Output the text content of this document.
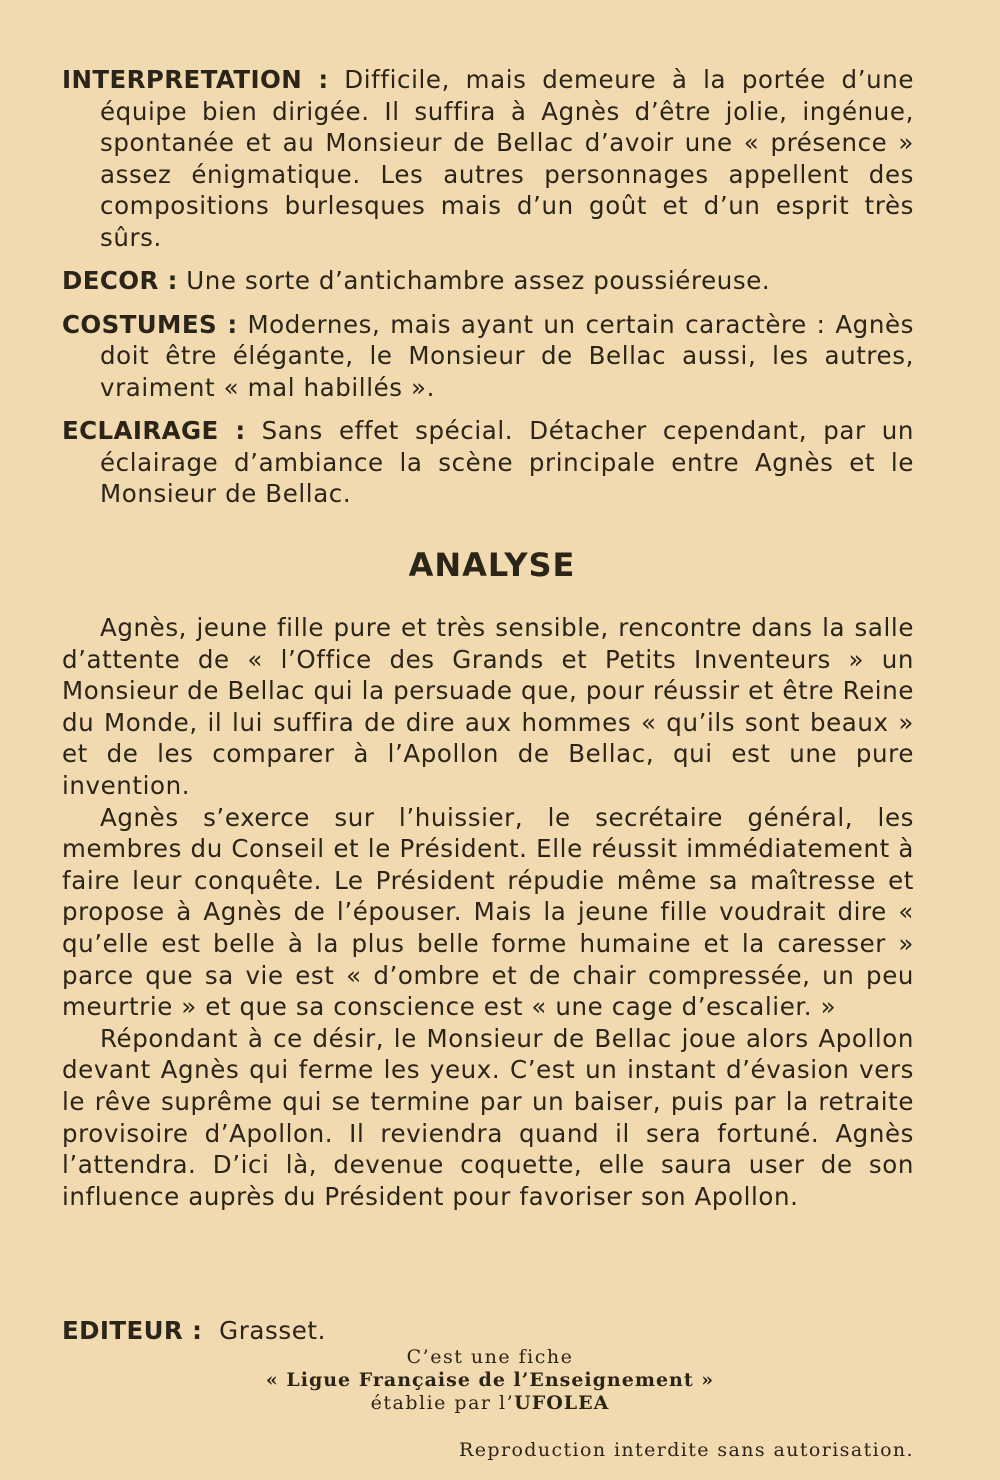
INTERPRETATION : Difficile, mais demeure à la portée d’une équipe bien dirigée. Il suffira à Agnès d’être jolie, ingénue, spontanée et au Monsieur de Bellac d’avoir une « présence » assez énigmatique. Les autres personnages appellent des compositions burlesques mais d’un goût et d’un esprit très sûrs.

DECOR : Une sorte d’antichambre assez poussiéreuse.

COSTUMES : Modernes, mais ayant un certain caractère : Agnès doit être élégante, le Monsieur de Bellac aussi, les autres, vraiment « mal habillés ».

ECLAIRAGE : Sans effet spécial. Détacher cependant, par un éclairage d’ambiance la scène principale entre Agnès et le Monsieur de Bellac.

ANALYSE

Agnès, jeune fille pure et très sensible, rencontre dans la salle d’attente de « l’Office des Grands et Petits Inventeurs » un Monsieur de Bellac qui la persuade que, pour réussir et être Reine du Monde, il lui suffira de dire aux hommes « qu’ils sont beaux » et de les comparer à l’Apollon de Bellac, qui est une pure invention.

Agnès s’exerce sur l’huissier, le secrétaire général, les membres du Conseil et le Président. Elle réussit immédiatement à faire leur conquête. Le Président répudie même sa maîtresse et propose à Agnès de l’épouser. Mais la jeune fille voudrait dire « qu’elle est belle à la plus belle forme humaine et la caresser » parce que sa vie est « d’ombre et de chair compressée, un peu meurtrie » et que sa conscience est « une cage d’escalier. »

Répondant à ce désir, le Monsieur de Bellac joue alors Apollon devant Agnès qui ferme les yeux. C’est un instant d’évasion vers le rêve suprême qui se termine par un baiser, puis par la retraite provisoire d’Apollon. Il reviendra quand il sera fortuné. Agnès l’attendra. D’ici là, devenue coquette, elle saura user de son influence auprès du Président pour favoriser son Apollon.

EDITEUR : Grasset.

C’est une fiche
« Ligue Française de l’Enseignement »
établie par l’UFOLEA
Reproduction interdite sans autorisation.
